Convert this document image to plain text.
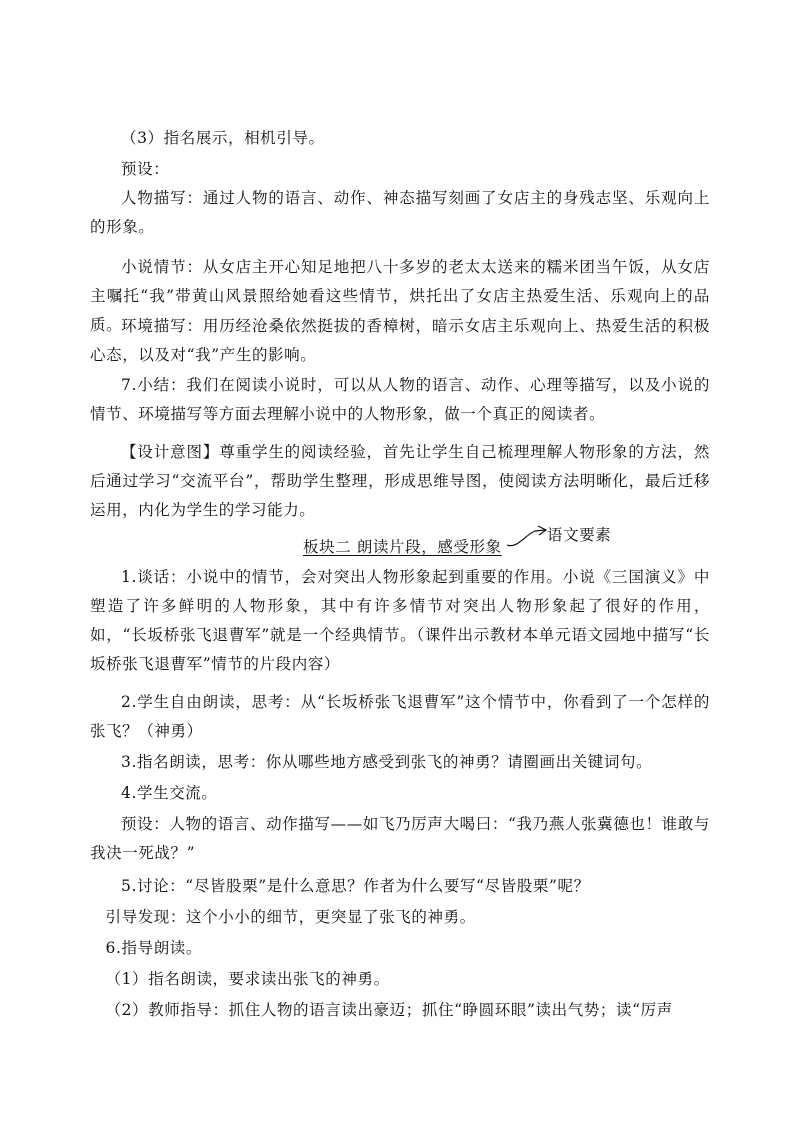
（3）指名展示，相机引导。

预设：

人物描写：通过人物的语言、动作、神态描写刻画了女店主的身残志坚、乐观向上的形象。

小说情节：从女店主开心知足地把八十多岁的老太太送来的糯米团当午饭，从女店主嘱托“我”带黄山风景照给她看这些情节，烘托出了女店主热爱生活、乐观向上的品质。

环境描写：用历经沧桑依然挺拔的香樟树，暗示女店主乐观向上、热爱生活的积极心态，以及对“我”产生的影响。

7.小结：我们在阅读小说时，可以从人物的语言、动作、心理等描写，以及小说的情节、环境描写等方面去理解小说中的人物形象，做一个真正的阅读者。

【设计意图】尊重学生的阅读经验，首先让学生自己梳理理解人物形象的方法，然后通过学习“交流平台”，帮助学生整理，形成思维导图，使阅读方法明晰化，最后迁移运用，内化为学生的学习能力。

板块二 朗读片段，感受形象
语文要素

1.谈话：小说中的情节，会对突出人物形象起到重要的作用。小说《三国演义》中塑造了许多鲜明的人物形象，其中有许多情节对突出人物形象起了很好的作用，如，“长坂桥张飞退曹军”就是一个经典情节。（课件出示教材本单元语文园地中描写“长坂桥张飞退曹军”情节的片段内容）

2.学生自由朗读，思考：从“长坂桥张飞退曹军”这个情节中，你看到了一个怎样的张飞？（神勇）

3.指名朗读，思考：你从哪些地方感受到张飞的神勇？请圈画出关键词句。

4.学生交流。

预设：人物的语言、动作描写——如飞乃厉声大喝曰：“我乃燕人张冀德也！谁敢与我决一死战？”

5.讨论：“尽皆股栗”是什么意思？作者为什么要写“尽皆股栗”呢？

引导发现：这个小小的细节，更突显了张飞的神勇。

6.指导朗读。

（1）指名朗读，要求读出张飞的神勇。

（2）教师指导：抓住人物的语言读出豪迈；抓住“睁圆环眼”读出气势；读“厉声
